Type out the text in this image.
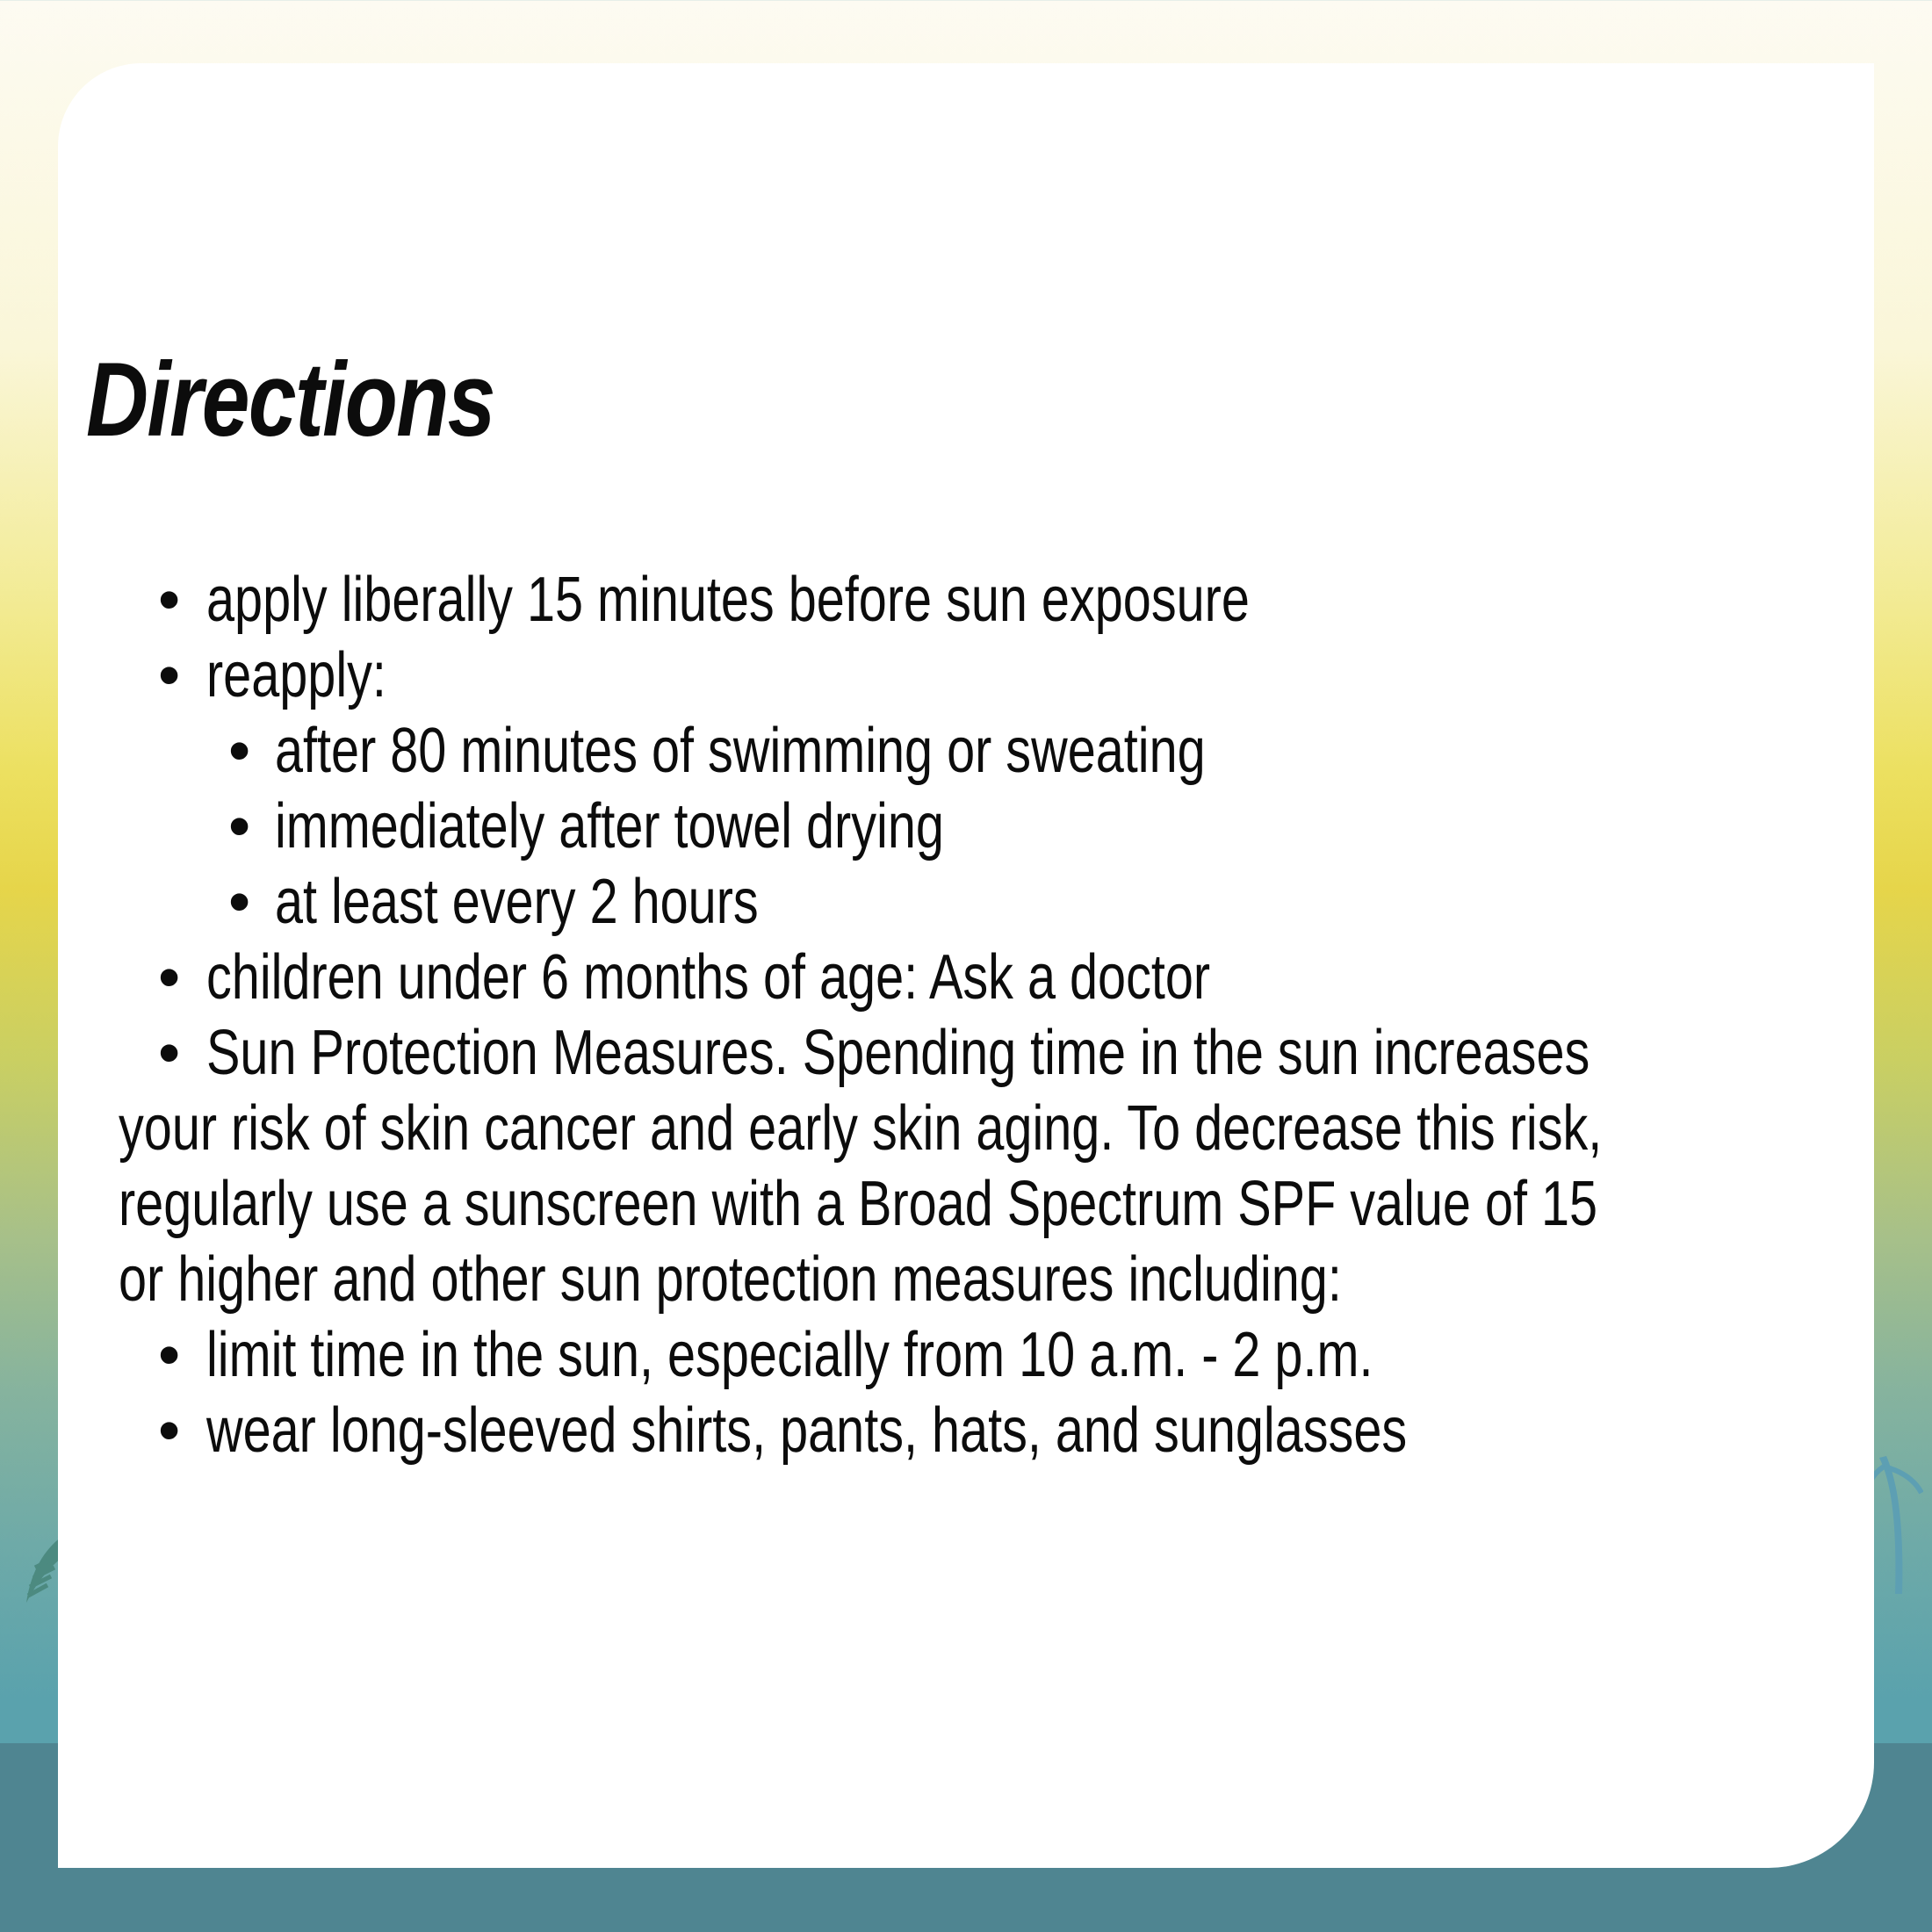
Directions
• apply liberally 15 minutes before sun exposure
• reapply:
• after 80 minutes of swimming or sweating
• immediately after towel drying
• at least every 2 hours
• children under 6 months of age: Ask a doctor
• Sun Protection Measures. Spending time in the sun increases
your risk of skin cancer and early skin aging. To decrease this risk,
regularly use a sunscreen with a Broad Spectrum SPF value of 15
or higher and other sun protection measures including:
• limit time in the sun, especially from 10 a.m. - 2 p.m.
• wear long-sleeved shirts, pants, hats, and sunglasses
